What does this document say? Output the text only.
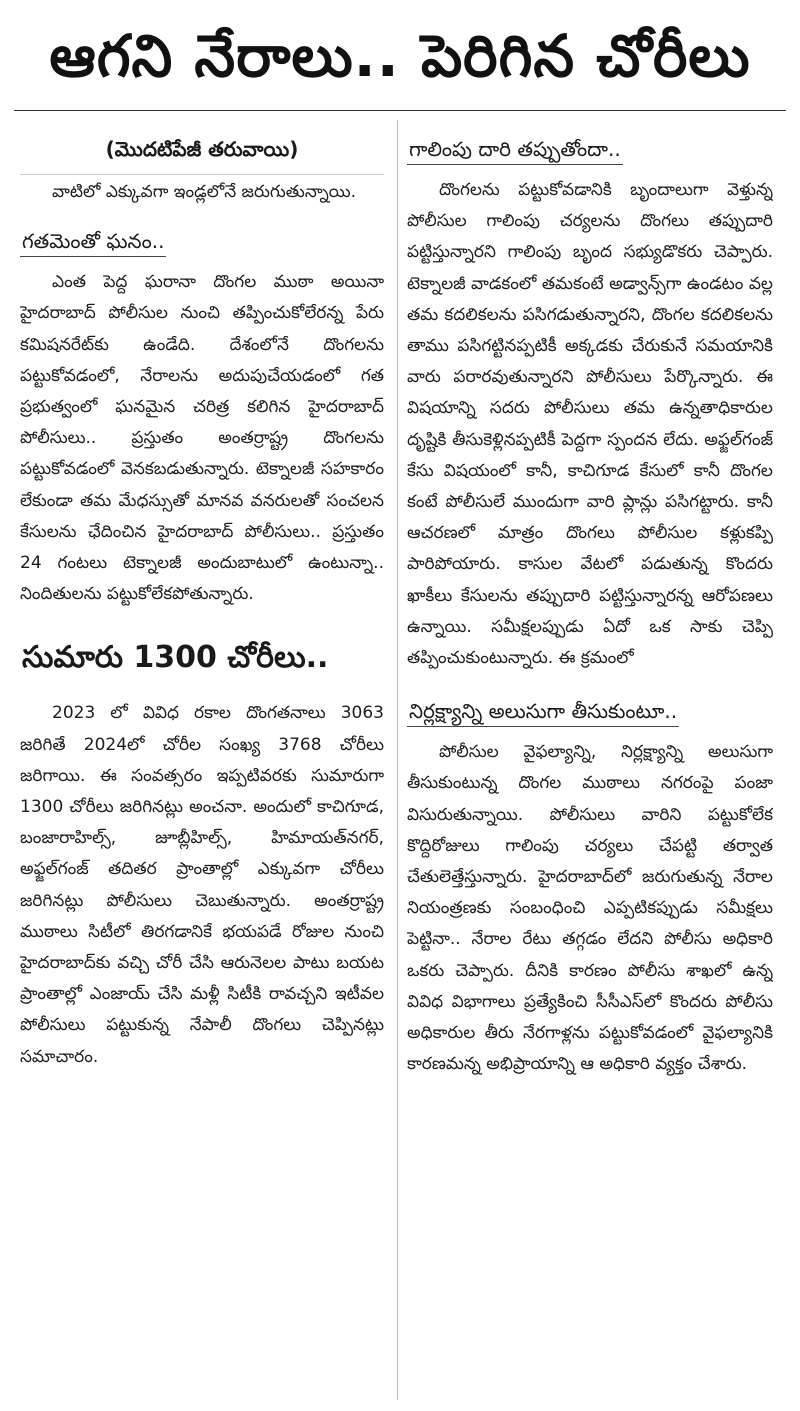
ఆగని నేరాలు.. పెరిగిన చోరీలు
(మొదటిపేజీ తరువాయి)

వాటిలో ఎక్కువగా ఇండ్లలోనే జరుగుతున్నాయి.

గతమెంతో ఘనం..

ఎంత పెద్ద ఘరానా దొంగల ముఠా అయినా హైదరాబాద్ పోలీసుల నుంచి తప్పించుకోలేరన్న పేరు కమిషనరేట్‌కు ఉండేది. దేశంలోనే దొంగలను పట్టుకోవడంలో, నేరాలను అదుపుచేయడంలో గత ప్రభుత్వంలో ఘనమైన చరిత్ర కలిగిన హైదరాబాద్ పోలీసులు.. ప్రస్తుతం అంతర్రాష్ట్ర దొంగలను పట్టుకోవడంలో వెనకబడుతున్నారు. టెక్నాలజీ సహకారం లేకుండా తమ మేధస్సుతో మానవ వనరులతో సంచలన కేసులను ఛేదించిన హైదరాబాద్ పోలీసులు.. ప్రస్తుతం 24 గంటలు టెక్నాలజీ అందుబాటులో ఉంటున్నా.. నిందితులను పట్టుకోలేకపోతున్నారు.

సుమారు 1300 చోరీలు..

2023 లో వివిధ రకాల దొంగతనాలు 3063 జరిగితే 2024లో చోరీల సంఖ్య 3768 చోరీలు జరిగాయి. ఈ సంవత్సరం ఇప్పటివరకు సుమారుగా 1300 చోరీలు జరిగినట్లు అంచనా. అందులో కాచిగూడ, బంజారాహిల్స్, జూబ్లీహిల్స్, హిమాయత్‌నగర్, అఫ్జల్‌గంజ్ తదితర ప్రాంతాల్లో ఎక్కువగా చోరీలు జరిగినట్లు పోలీసులు చెబుతున్నారు. అంతర్రాష్ట్ర ముఠాలు సిటీలో తిరగడానికే భయపడే రోజుల నుంచి హైదరాబాద్‌కు వచ్చి చోరీ చేసి ఆరునెలల పాటు బయట ప్రాంతాల్లో ఎంజాయ్ చేసి మళ్లీ సిటీకి రావచ్చని ఇటీవల పోలీసులు పట్టుకున్న నేపాలీ దొంగలు చెప్పినట్లు సమాచారం.

గాలింపు దారి తప్పుతోందా..

దొంగలను పట్టుకోవడానికి బృందాలుగా వెళ్తున్న పోలీసుల గాలింపు చర్యలను దొంగలు తప్పుదారి పట్టిస్తున్నారని గాలింపు బృంద సభ్యుడొకరు చెప్పారు. టెక్నాలజీ వాడకంలో తమకంటే అడ్వాన్స్‌గా ఉండటం వల్ల తమ కదలికలను పసిగడుతున్నారని, దొంగల కదలికలను తాము పసిగట్టినప్పటికీ అక్కడకు చేరుకునే సమయానికి వారు పరారవుతున్నారని పోలీసులు పేర్కొన్నారు. ఈ విషయాన్ని సదరు పోలీసులు తమ ఉన్నతాధికారుల దృష్టికి తీసుకెళ్లినప్పటికీ పెద్దగా స్పందన లేదు. అఫ్జల్‌గంజ్ కేసు విషయంలో కానీ, కాచిగూడ కేసులో కానీ దొంగల కంటే పోలీసులే ముందుగా వారి ప్లాన్లు పసిగట్టారు. కానీ ఆచరణలో మాత్రం దొంగలు పోలీసుల కళ్లుకప్పి పారిపోయారు. కాసుల వేటలో పడుతున్న కొందరు ఖాకీలు కేసులను తప్పుదారి పట్టిస్తున్నారన్న ఆరోపణలు ఉన్నాయి. సమీక్షలప్పుడు ఏదో ఒక సాకు చెప్పి తప్పించుకుంటున్నారు. ఈ క్రమంలో

నిర్లక్ష్యాన్ని అలుసుగా తీసుకుంటూ..

పోలీసుల వైఫల్యాన్ని, నిర్లక్ష్యాన్ని అలుసుగా తీసుకుంటున్న దొంగల ముఠాలు నగరంపై పంజా విసురుతున్నాయి. పోలీసులు వారిని పట్టుకోలేక కొద్దిరోజులు గాలింపు చర్యలు చేపట్టి తర్వాత చేతులెత్తేస్తున్నారు. హైదరాబాద్‌లో జరుగుతున్న నేరాల నియంత్రణకు సంబంధించి ఎప్పటికప్పుడు సమీక్షలు పెట్టినా.. నేరాల రేటు తగ్గడం లేదని పోలీసు అధికారి ఒకరు చెప్పారు. దీనికి కారణం పోలీసు శాఖలో ఉన్న వివిధ విభాగాలు ప్రత్యేకించి సీసీఎస్‌లో కొందరు పోలీసు అధికారుల తీరు నేరగాళ్లను పట్టుకోవడంలో వైఫల్యానికి కారణమన్న అభిప్రాయాన్ని ఆ అధికారి వ్యక్తం చేశారు.
